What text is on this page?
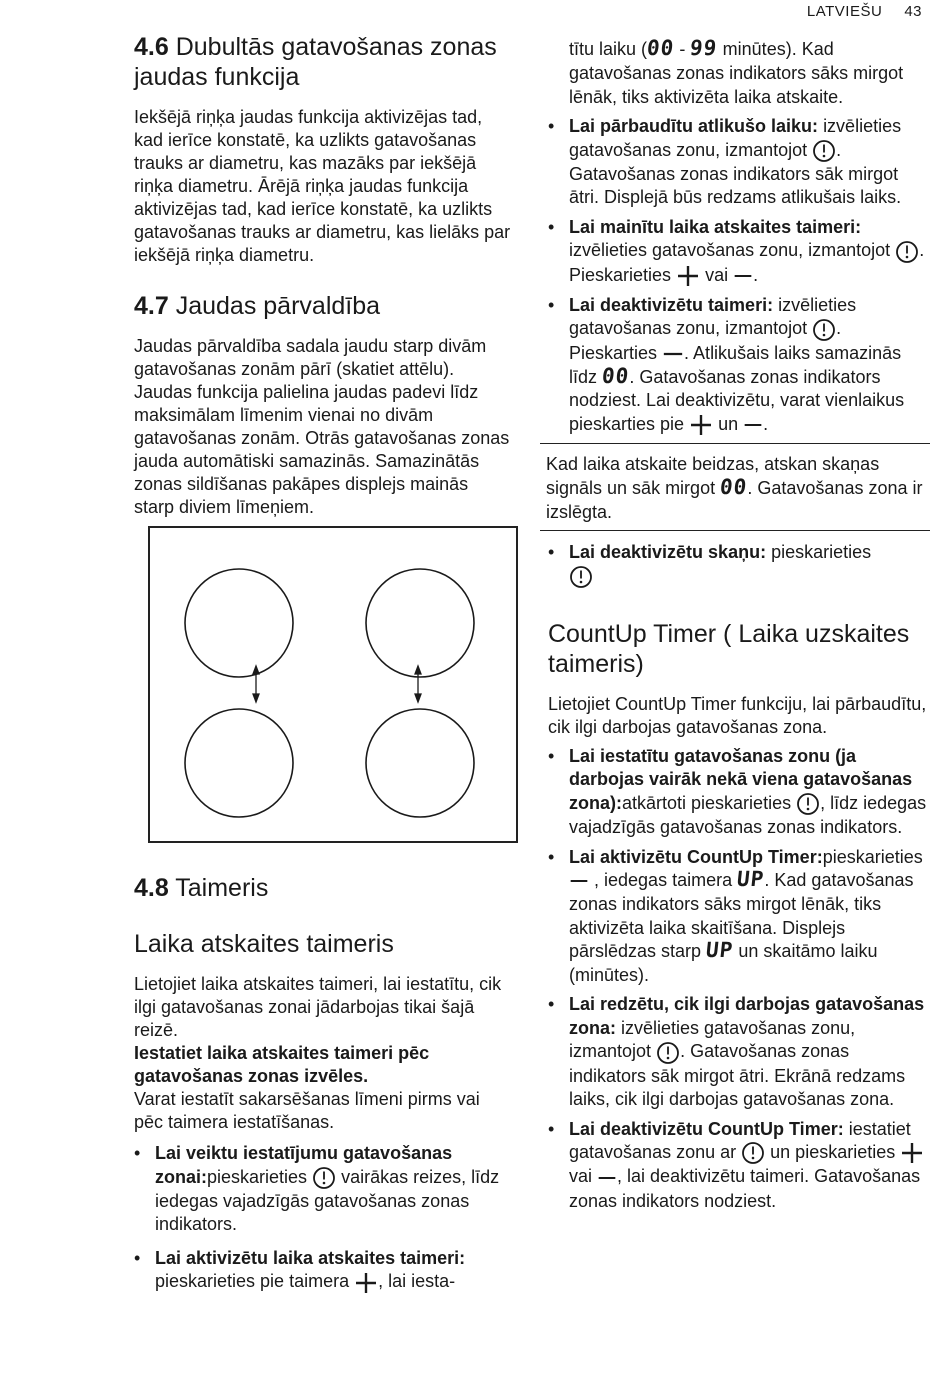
LATVIEŠU 43
4.6 Dubultās gatavošanas zonas jaudas funkcija

Iekšējā riņķa jaudas funkcija aktivizējas tad, kad ierīce konstatē, ka uzlikts gatavošanas trauks ar diametru, kas mazāks par iekšējā riņķa diametru. Ārējā riņķa jaudas funkcija aktivizējas tad, kad ierīce konstatē, ka uzlikts gatavošanas trauks ar diametru, kas lielāks par iekšējā riņķa diametru.

4.7 Jaudas pārvaldība

Jaudas pārvaldība sadala jaudu starp divām gatavošanas zonām pārī (skatiet attēlu). Jaudas funkcija palielina jaudas padevi līdz maksimālam līmenim vienai no divām gatavošanas zonām. Otrās gatavošanas zonas jauda automātiski samazinās. Samazinātās zonas sildīšanas pakāpes displejs mainās starp diviem līmeņiem.

4.8 Taimeris
Laika atskaites taimeris

Lietojiet laika atskaites taimeri, lai iestatītu, cik ilgi gatavošanas zonai jādarbojas tikai šajā reizē.

Iestatiet laika atskaites taimeri pēc gatavošanas zonas izvēles.

Varat iestatīt sakarsēšanas līmeni pirms vai pēc taimera iestatīšanas.

• Lai veiktu iestatījumu gatavošanas zonai:pieskarieties vairākas reizes, līdz iedegas vajadzīgās gatavošanas zonas indikators.
• Lai aktivizētu laika atskaites taimeri:
pieskarieties pie taimera , lai iesta-

tītu laiku (00 - 99 minūtes). Kad gatavošanas zonas indikators sāks mirgot lēnāk, tiks aktivizēta laika atskaite.

• Lai pārbaudītu atlikušo laiku: izvēlieties gatavošanas zonu, izmantojot . Gatavošanas zonas indikators sāk mirgot ātri. Displejā būs redzams atlikušais laiks.
• Lai mainītu laika atskaites taimeri: izvēlieties gatavošanas zonu, izmantojot . Pieskarieties vai .
• Lai deaktivizētu taimeri: izvēlieties gatavošanas zonu, izmantojot . Pieskarties . Atlikušais laiks samazinās līdz 00. Gatavošanas zonas indikators nodziest. Lai deaktivizētu, varat vienlaikus pieskarties pie un .

Kad laika atskaite beidzas, atskan skaņas signāls un sāk mirgot 00. Gatavošanas zona ir izslēgta.

• Lai deaktivizētu skaņu: pieskarieties

CountUp Timer ( Laika uzskaites taimeris)

Lietojiet CountUp Timer funkciju, lai pārbaudītu, cik ilgi darbojas gatavošanas zona.

• Lai iestatītu gatavošanas zonu (ja darbojas vairāk nekā viena gatavošanas zona):atkārtoti pieskarieties , līdz iedegas vajadzīgās gatavošanas zonas indikators.
• Lai aktivizētu CountUp Timer:pieskarieties  , iedegas taimera UP. Kad gatavošanas zonas indikators sāks mirgot lēnāk, tiks aktivizēta laika skaitīšana. Displejs pārslēdzas starp UP un skaitāmo laiku (minūtes).
• Lai redzētu, cik ilgi darbojas gatavošanas zona: izvēlieties gatavošanas zonu, izmantojot . Gatavošanas zonas indikators sāk mirgot ātri. Ekrānā redzams laiks, cik ilgi darbojas gatavošanas zona.
• Lai deaktivizētu CountUp Timer: iestatiet gatavošanas zonu ar un pieskarieties  vai , lai deaktivizētu taimeri. Gatavošanas zonas indikators nodziest.
